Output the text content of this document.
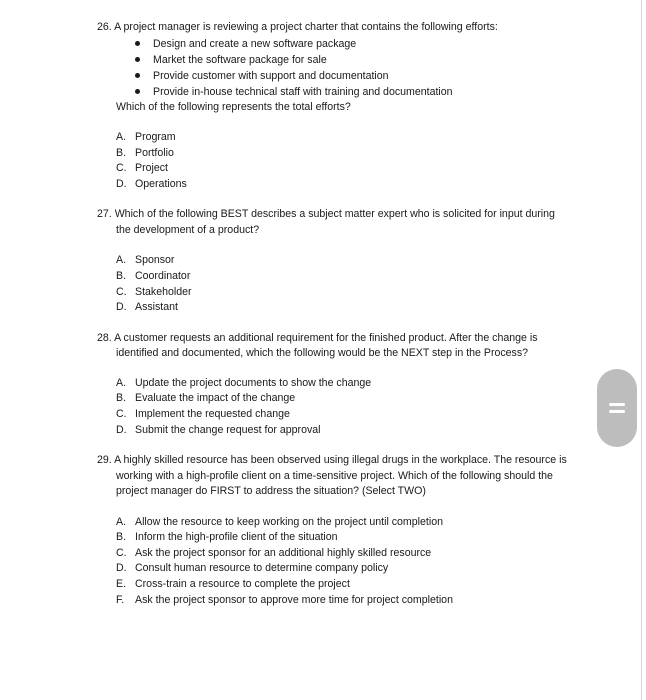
26. A project manager is reviewing a project charter that contains the following efforts:

Design and create a new software package
Market the software package for sale
Provide customer with support and documentation
Provide in-house technical staff with training and documentation

Which of the following represents the total efforts?

A. Program
B. Portfolio
C. Project
D. Operations

27. Which of the following BEST describes a subject matter expert who is solicited for input during the development of a product?

A. Sponsor
B. Coordinator
C. Stakeholder
D. Assistant

28. A customer requests an additional requirement for the finished product. After the change is identified and documented, which the following would be the NEXT step in the Process?

A. Update the project documents to show the change
B. Evaluate the impact of the change
C. Implement the requested change
D. Submit the change request for approval

29. A highly skilled resource has been observed using illegal drugs in the workplace. The resource is working with a high-profile client on a time-sensitive project. Which of the following should the project manager do FIRST to address the situation? (Select TWO)

A. Allow the resource to keep working on the project until completion
B. Inform the high-profile client of the situation
C. Ask the project sponsor for an additional highly skilled resource
D. Consult human resource to determine company policy
E. Cross-train a resource to complete the project
F. Ask the project sponsor to approve more time for project completion
